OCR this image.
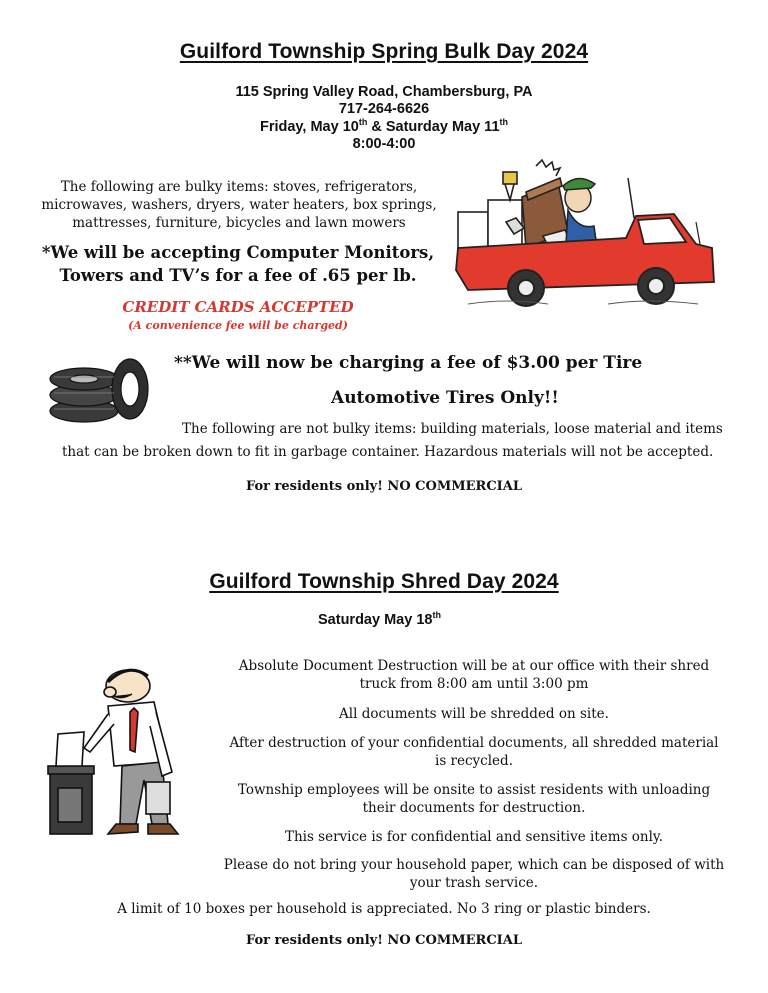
Guilford Township Spring Bulk Day 2024
115 Spring Valley Road, Chambersburg, PA
717-264-6626
Friday, May 10th & Saturday May 11th
8:00-4:00
The following are bulky items: stoves, refrigerators, microwaves, washers, dryers, water heaters, box springs, mattresses, furniture, bicycles and lawn mowers
*We will be accepting Computer Monitors,
Towers and TV’s for a fee of .65 per lb.
CREDIT CARDS ACCEPTED
(A convenience fee will be charged)
**We will now be charging a fee of $3.00 per Tire
Automotive Tires Only!!
The following are not bulky items: building materials, loose material and items
that can be broken down to fit in garbage container. Hazardous materials will not be accepted.
For residents only! NO COMMERCIAL
Guilford Township Shred Day 2024
Saturday May 18th
Absolute Document Destruction will be at our office with their shred
truck from 8:00 am until 3:00 pm
All documents will be shredded on site.
After destruction of your confidential documents, all shredded material
is recycled.
Township employees will be onsite to assist residents with unloading
their documents for destruction.
This service is for confidential and sensitive items only.
Please do not bring your household paper, which can be disposed of with
your trash service.
A limit of 10 boxes per household is appreciated. No 3 ring or plastic binders.
For residents only! NO COMMERCIAL
